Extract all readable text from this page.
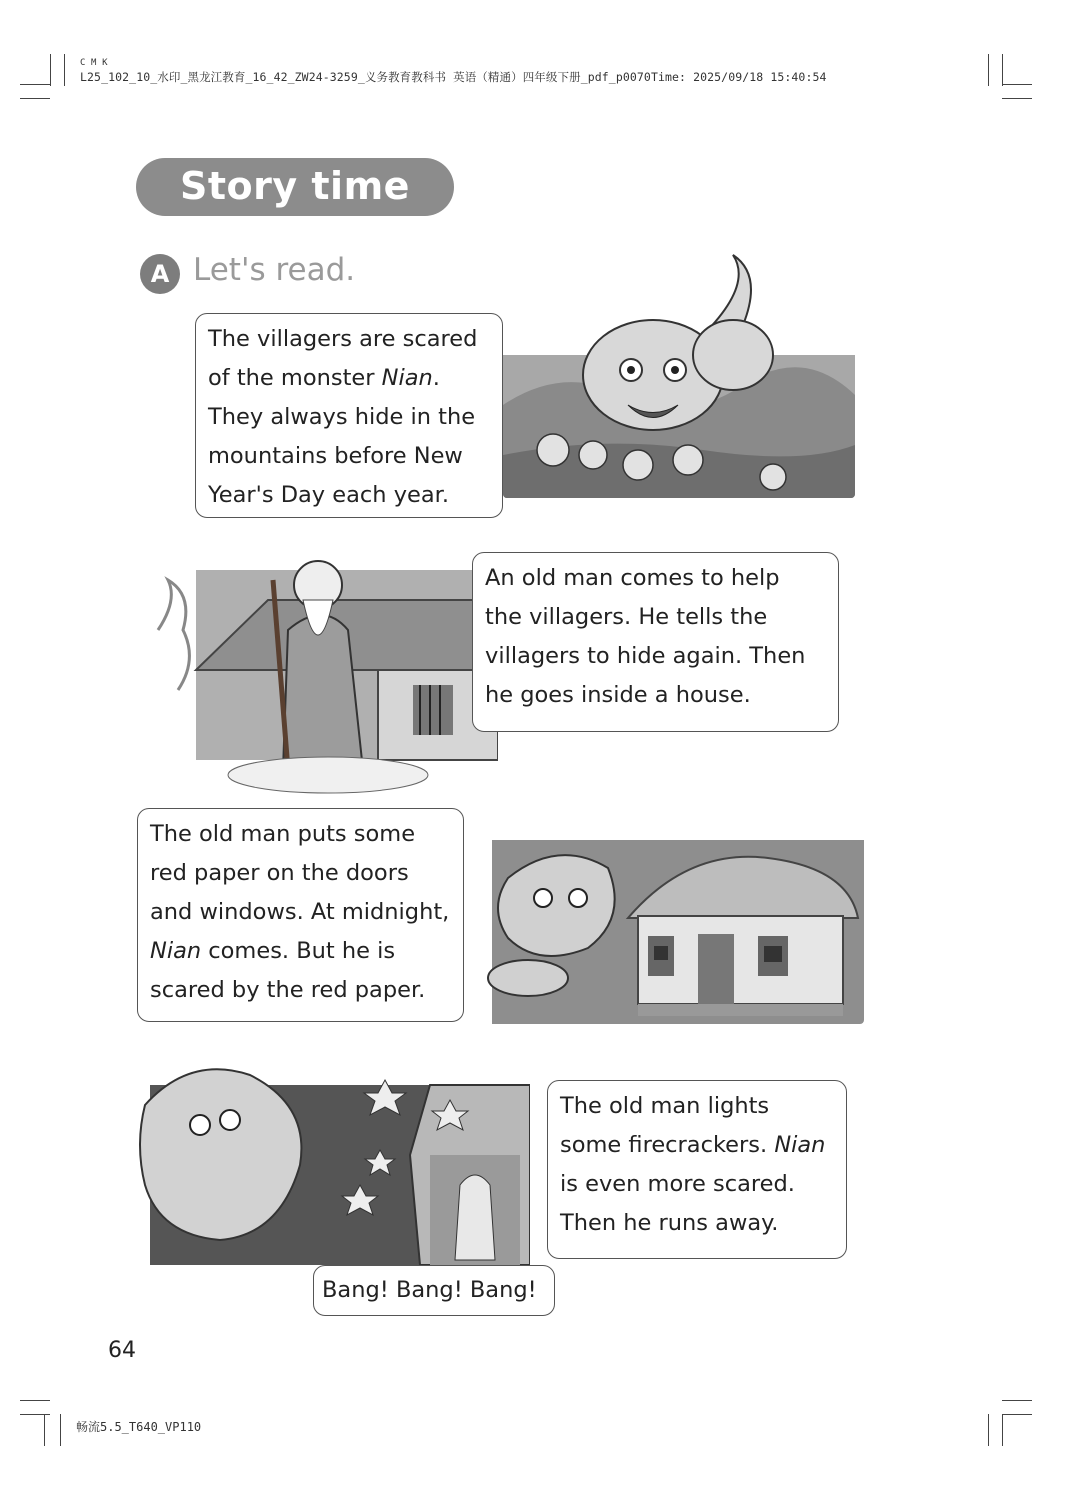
C M K
L25_102_10_水印_黑龙江教育_16_42_ZW24-3259_义务教育教科书 英语（精通）四年级下册_pdf_p0070Time: 2025/09/18 15:40:54
Story time
A Let's read.
The villagers are scared
of the monster Nian.
They always hide in the
mountains before New
Year's Day each year.
An old man comes to help
the villagers. He tells the
villagers to hide again. Then
he goes inside a house.
The old man puts some
red paper on the doors
and windows. At midnight,
Nian comes. But he is
scared by the red paper.
The old man lights
some firecrackers. Nian
is even more scared.
Then he runs away.
Bang! Bang! Bang!
64
畅流5.5_T640_VP110
